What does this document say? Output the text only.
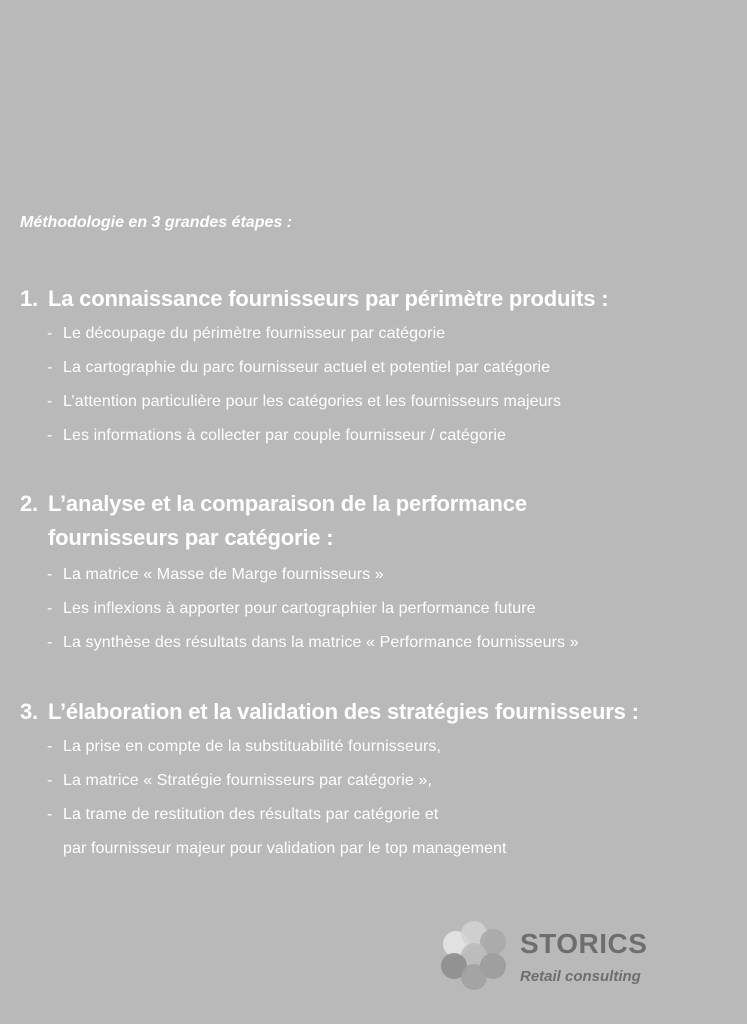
Méthodologie en 3 grandes étapes :

1. La connaissance fournisseurs par périmètre produits :
- Le découpage du périmètre fournisseur par catégorie
- La cartographie du parc fournisseur actuel et potentiel par catégorie
- L’attention particulière pour les catégories et les fournisseurs majeurs
- Les informations à collecter par couple fournisseur / catégorie
2. L’analyse et la comparaison de la performance
fournisseurs par catégorie :
- La matrice « Masse de Marge fournisseurs »
- Les inflexions à apporter pour cartographier la performance future
- La synthèse des résultats dans la matrice « Performance fournisseurs »
3. L’élaboration et la validation des stratégies fournisseurs :
- La prise en compte de la substituabilité fournisseurs,
- La matrice « Stratégie fournisseurs par catégorie »,
- La trame de restitution des résultats par catégorie et
par fournisseur majeur pour validation par le top management
STORICS
Retail consulting
